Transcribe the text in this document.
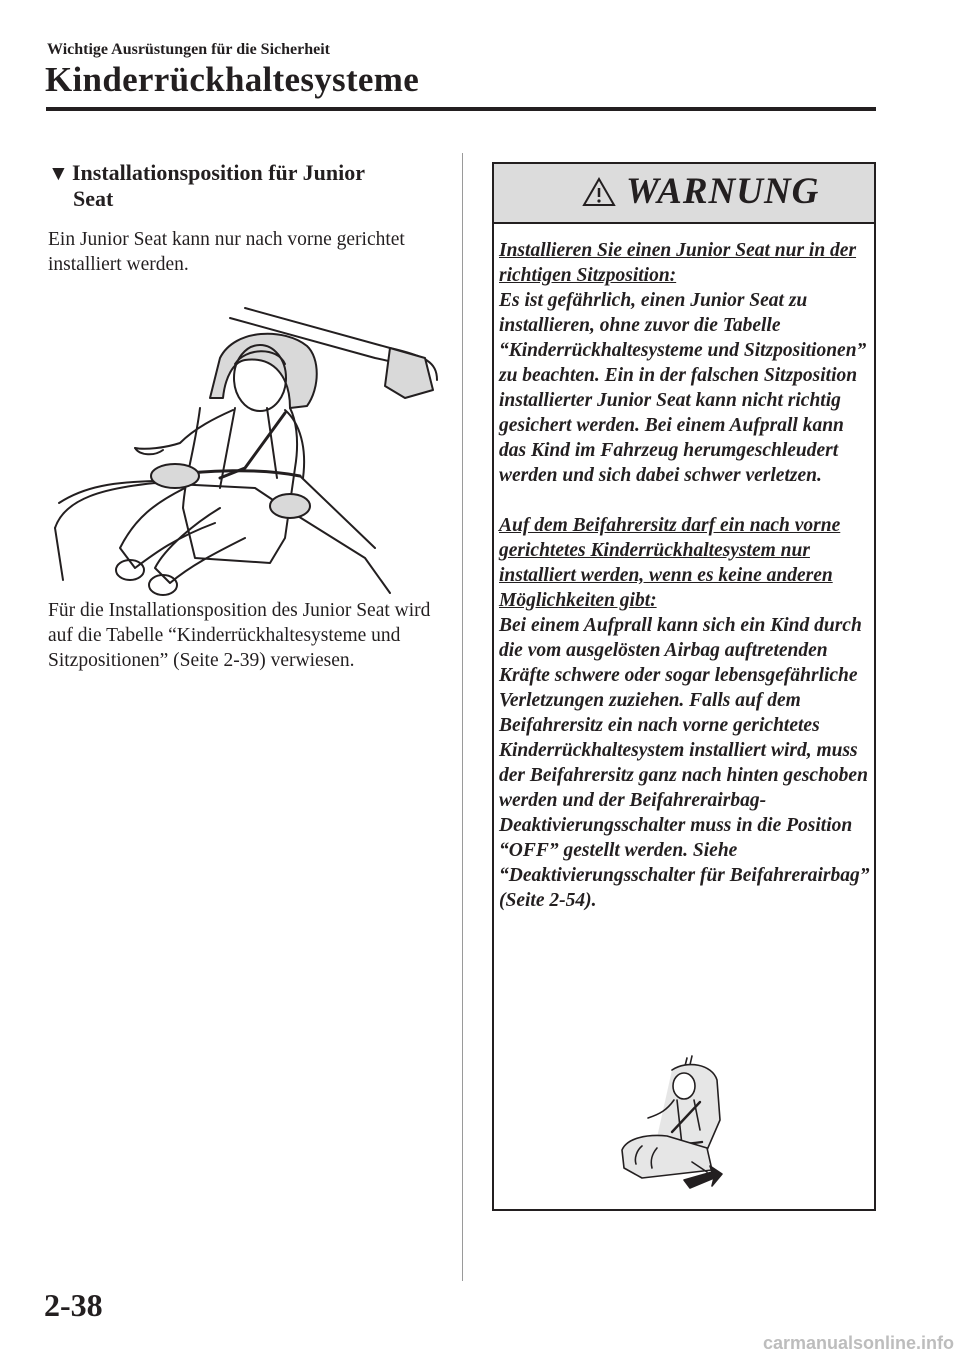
Wichtige Ausrüstungen für die Sicherheit
Kinderrückhaltesysteme
▼ Installationsposition für Junior
Seat
Ein Junior Seat kann nur nach vorne gerichtet installiert werden.
Für die Installationsposition des Junior Seat wird auf die Tabelle “Kinderrückhaltesysteme und Sitzpositionen” (Seite 2-39) verwiesen.
WARNUNG

Installieren Sie einen Junior Seat nur in der richtigen Sitzposition:

Es ist gefährlich, einen Junior Seat zu installieren, ohne zuvor die Tabelle “Kinderrückhaltesysteme und Sitzpositionen” zu beachten. Ein in der falschen Sitzposition installierter Junior Seat kann nicht richtig gesichert werden. Bei einem Aufprall kann das Kind im Fahrzeug herumgeschleudert werden und sich dabei schwer verletzen.

Auf dem Beifahrersitz darf ein nach vorne gerichtetes Kinderrückhaltesystem nur installiert werden, wenn es keine anderen Möglichkeiten gibt:

Bei einem Aufprall kann sich ein Kind durch die vom ausgelösten Airbag auftretenden Kräfte schwere oder sogar lebensgefährliche Verletzungen zuziehen. Falls auf dem Beifahrersitz ein nach vorne gerichtetes Kinderrückhaltesystem installiert wird, muss der Beifahrersitz ganz nach hinten geschoben werden und der Beifahrerairbag-Deaktivierungsschalter muss in die Position “OFF” gestellt werden. Siehe “Deaktivierungsschalter für Beifahrerairbag” (Seite 2-54).

2-38
carmanualsonline.info
